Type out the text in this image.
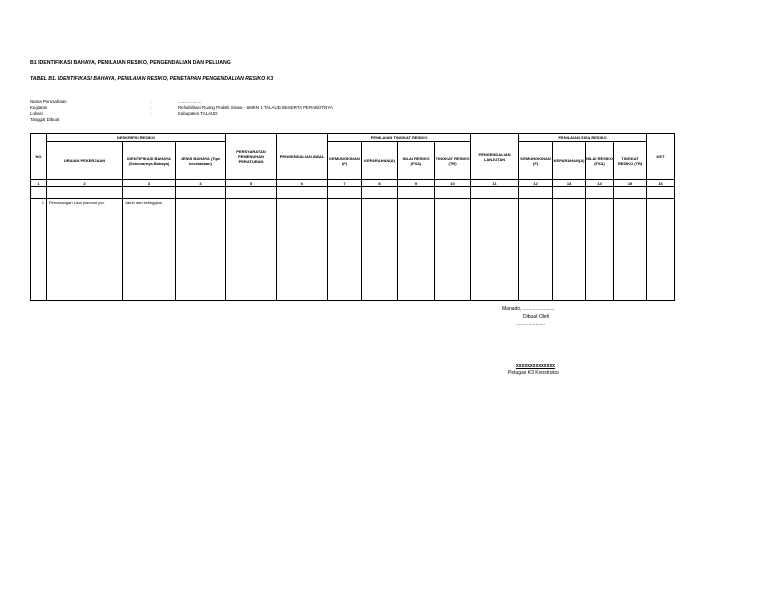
B1 IDENTIFIKASI BAHAYA, PENILAIAN RESIKO, PENGENDALIAN DAN PELUANG
TABEL B1. IDENTIFIKASI BAHAYA, PENILAIAN RESIKO, PENETAPAN PENGENDALIAN RESIKO K3
Nama Perusahaan	:	...................
Kegiatan	:	Rehabilitasi Ruang Praktik Siswa - SMKN 1 TALAUD BESERTA PERABOTNYA
Lokasi	:	Kabupaten TALAUD
Tanggal Dibuat
NO	DESKRIPSI RESIKO			PERSYARATAN PEMENUHAN PERATURAN	PENGENDALIAN AWAL	PENILAIAN TINGKAT RESIKO				PENGENDALIAN LANJUTAN	PENILAIAN SISA RESIKO				KET
	URAIAN PEKERJAAN	IDENTIFIKASI BAHAYA (Sebenarnya Bahaya)	JENIS BAHAYA (Tipe kecelakaan)			KEMUNGKINAN (F)	KEPARAHAN(A)	NILAI RESIKO (FXA)	TINGKAT RESIKO (TR)		KEMUNGKINAN (F)	KEPARAHAN(A)	NILAI RESIKO (FXA)	TINGKAT RESIKO (TR)	
1	2	3	4	5	6	7	8	9	10	11	12	13	14	15	16

1	Pemasangan Lisul plavond pvc	Jatuh dari ketinggian													
Manado, .......................
Dibuat Oleh
.....................
xxxxxxxxxxxxxx
Petugas K3 Konstruksi
